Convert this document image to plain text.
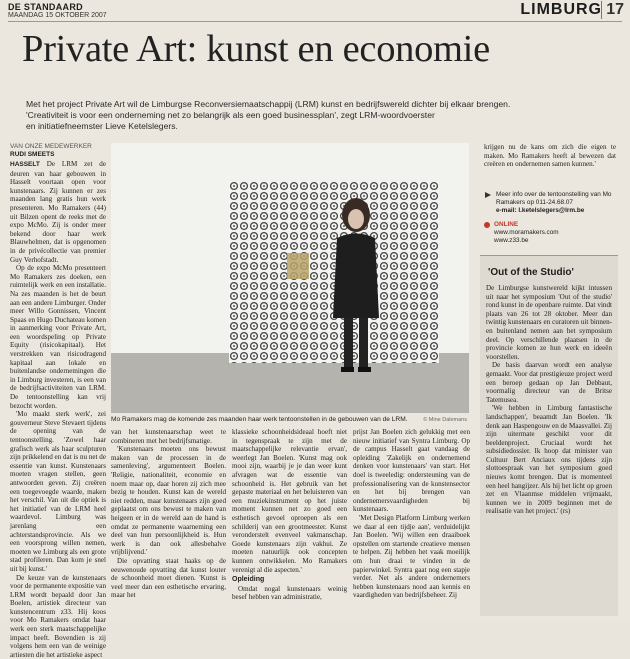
DE STANDAARD
MAANDAG 15 OKTOBER 2007	LIMBURG 17
Private Art: kunst en economie

Met het project Private Art wil de Limburgse Reconversiemaatschappij (LRM) kunst en bedrijfswereld dichter bij elkaar brengen.

'Creativiteit is voor een onderneming net zo belangrijk als een goed businessplan', zegt LRM-woordvoerster

en initiatiefneemster Lieve Ketelslegers.

VAN ONZE MEDEWERKER
RUDI SMEETS

HASSELT De LRM zet de deuren van haar gebouwen in Hasselt voortaan open voor kunstenaars. Zij kunnen er zes maanden lang gratis hun werk presenteren. Mo Ramakers (44) uit Bilzen opent de reeks met de expo McMo. Zij is onder meer bekend door haar werk Blauwhelmen, dat is opgenomen in de privécollectie van premier Guy Verhofstadt.

Op de expo McMo presenteert Mo Ramakers zes doeken, een ruimtelijk werk en een installatie. Na zes maanden is het de beurt aan een andere Limburger. Onder meer Willo Gonnissen, Vincent Spaas en Hugo Duchateau komen in aanmerking voor Private Art, een woordspeling op Private Equity (risicokapitaal). Het verstrekken van risicodragend kapitaal aan lokale en buitenlandse ondernemingen die in Limburg investeren, is een van de bedrijfsactiviteiten van LRM. De tentoonstelling kan vrij bezocht worden.

'Mo maakt sterk werk', zei gouverneur Steve Stevaert tijdens de opening van de tentoonstelling. 'Zowel haar grafisch werk als haar sculpturen zijn prikkelend en dat is nu net de essentie van kunst. Kunstenaars moeten vragen stellen, geen antwoorden geven. Zij creëren een toegevoegde waarde, maken het verschil. Van uit die optiek is het initiatief van de LRM heel waardevol. Limburg was jarenlang een achterstandsprovincie. Als we een voorsprong willen nemen, moeten we Limburg als een grote stad profileren. Dan kom je snel uit bij kunst.'

De keuze van de kunstenaars voor de permanente expositie van LRM wordt bepaald door Jan Boelen, artistiek directeur van kunstencentrum z33. Hij koos voor Mo Ramakers omdat haar werk een sterk maatschappelijke impact heeft. Bovendien is zij volgens hem een van de weinige artiesten die het artistieke aspect

Mo Ramakers mag de komende zes maanden haar werk tentoonstellen in de gebouwen van de LRM.	© Mine Dalemans

van het kunstenaarschap weet te combineren met het bedrijfsmatige.

'Kunstenaars moeten ons bewust maken van de processen in de samenleving', argumenteert Boelen. 'Religie, nationaliteit, economie en noem maar op, daar horen zij zich mee bezig te houden. Kunst kan de wereld niet redden, maar kunstenaars zijn goed geplaatst om ons bewust te maken van heigeen er in de wereld aan de hand is omdat ze permanente waarneming een deel van hun persoonlijkheid is. Hun werk is dan ook allesbehalve vrijblijvend.'

Die opvatting staat haaks op de eeuwenoude opvatting dat kunst louter de schoonheid moet dienen. 'Kunst is veel meer dan een esthetische ervaring, maar het

klassieke schoonheidsideaal hoeft niet in tegenspraak te zijn met de maatschappelijke relevantie ervan', weerlegt Jan Boelen. 'Kunst mag ook mooi zijn, waarbij je je dan weer kunt afvragen wat de essentie van schoonheid is. Het gebruik van het gepaste materiaal en het beluisteren van een muziekinstrument op het juiste moment kunnen net zo goed een esthetisch gevoel oproepen als een schilderij van een grootmeester. Kunst veronderstelt evenveel vakmanschap. Goede kunstenaars zijn vakhui. Ze moeten natuurlijk ook concepten kunnen ontwikkelen. Mo Ramakers verenigt al die aspecten.'

Opleiding

Omdat nogal kunstenaars weinig besef hebben van administratie,

prijst Jan Boelen zich gelukkig met een nieuw initiatief van Syntra Limburg. Op de campus Hasselt gaat vandaag de opleiding 'Zakelijk en ondernemend denken voor kunstenaars' van start. Het doel is tweeledig: ondersteuning van de professionalisering van de kunstensector en het bij brengen van ondernemersvaardigheden bij kunstenaars.

'Met Design Platform Limburg werken we daar al een tijdje aan', verduidelijkt Jan Boelen. 'Wij willen een draaiboek opstellen om startende creatieve mensen te helpen. Zij hebben het vaak moeilijk om hun draai te vinden in de papierwinkel. Syntra gaat nog een stapje verder. Net als andere ondernemers hebben kunstenaars nood aan kennis en vaardigheden van bedrijfsbeheer. Zij

krijgen nu de kans om zich die eigen te maken. Mo Ramakers heeft al bewezen dat creëren en ondernemen samen kunnen.'

Meer info over de tentoonstelling van Mo Ramakers op 011-24.68.07
e-mail: l.ketelslegers@lrm.be
ONLINE
www.moramakers.com
www.z33.be
'Out of the Studio'

De Limburgse kunstwereld kijkt intussen uit naar het symposium 'Out of the studio' rond kunst in de openbare ruimte. Dat vindt plaats van 26 tot 28 oktober. Meer dan twintig kunstenaars en curatoren uit binnen- en buitenland nemen aan het symposium deel. Op verschillende plaatsen in de provincie komen ze hun werk en ideeën voorstellen.

De basis daarvan wordt een analyse gemaakt. Voor dat prestigieuze project werd een beroep gedaan op Jan Debbaut, voormalig directeur van de Britse Tatemusea.

'We hebben in Limburg fantastische landschappen', beaamdt Jan Boelen. 'Ik denk aan Haspengouw en de Maasvallei. Zij zijn uitermate geschikt voor dit beeldenproject. Cruciaal wordt het subsidiedossier. Ik hoop dat minister van Cultuur Bert Anciaux ons tijdens zijn slottoespraak van het symposium goed nieuws komt brengen. Dat is momenteel een heel hangijzer. Als hij het licht op groen zet en Vlaanmse middelen vrijmaakt, kunnen we in 2009 beginnen met de realisatie van het project.' (rs)
